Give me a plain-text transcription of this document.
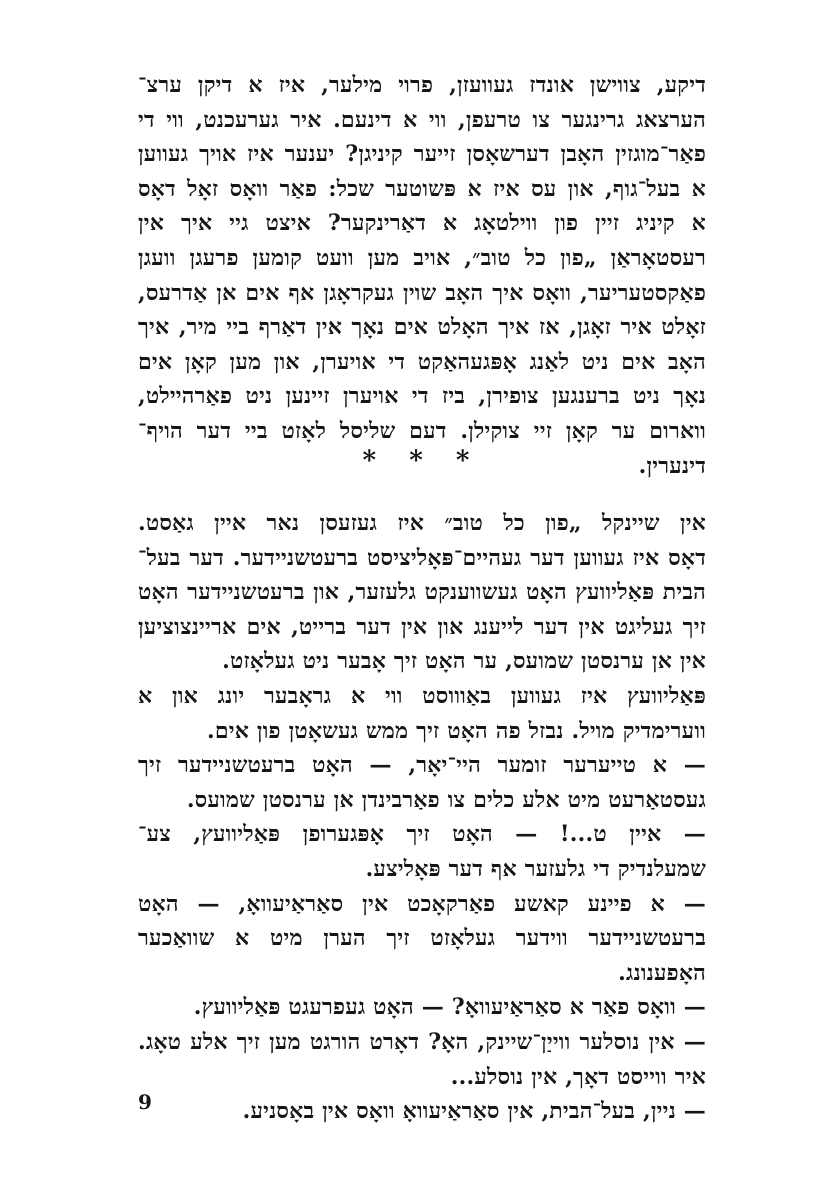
דיקע, צווישן אונדז געוועזן, פרוי מילער, איז א דיקן ערצ־
הערצאג גרינגער צו טרעפן, ווי א דינעם. איר גערעכנט, ווי די
פאַר־מוגזין האָבן דערשאָסן זייער קיניגן? יענער איז אויך געווען
א בעל־גוף, און עס איז א פּשוטער שכל: פאַר וואָס זאָל דאָס
א קיניג זיין פון ווילטאָג א דאַרינקער? איצט גיי איך אין
רעסטאָראַן „פון כל טוב״, אויב מען וועט קומען פרעגן וועגן
פאַקסטעריער, וואָס איך האָב שוין געקראָגן אף אים אן אַדרעס,
זאָלט איר זאָגן, אז איך האָלט אים נאָך אין דאַרף ביי מיר, איך
האָב אים ניט לאַנג אָפּגעהאַקט די אויערן, און מען קאָן אים
נאָך ניט ברענגען צופירן, ביז די אויערן זיינען ניט פאַרהיילט,
ווארום ער קאָן זיי צוקילן. דעם שליסל לאָזט ביי דער הויף־
דינערין.
* * *
אין שיינקל „פון כל טוב״ איז געזעסן נאר איין גאַסט.
דאָס איז געווען דער געהיים־פּאָליציסט ברעטשניידער. דער בעל־
הבית פּאַליוועץ האָט געשווענקט גלעזער, און ברעטשניידער האָט
זיך געליגט אין דער לייענג און אין דער ברייט, אים אריינצוציען
אין אן ערנסטן שמועס, ער האָט זיך אָבער ניט געלאָזט.
פּאַליוועץ איז געווען באַוווסט ווי א גראָבער יונג און א
ווערימדיק מויל. נבזל פה האָט זיך ממש געשאָטן פון אים.
— א טייערער זומער היי־יאָר, — האָט ברעטשניידער זיך
געסטאַרעט מיט אלע כלים צו פאַרבינדן אן ערנסטן שמועס.
— איין ט...! — האָט זיך אָפּגערופן פּאַליוועץ, צע־
שמעלנדיק די גלעזער אף דער פּאָליצע.
— א פיינע קאשע פאַרקאָכט אין סאַראַיעוואָ, — האָט
ברעטשניידער ווידער געלאָזט זיך הערן מיט א שוואַכער
האָפענונג.
— וואָס פאַר א סאַראַיעוואָ? — האָט געפרעגט פּאַליוועץ.
— אין נוסלער ווייַן־שיינק, האָ? דאָרט הורגט מען זיך אלע טאָג.
איר ווייסט דאָך, אין נוסלע...
— ניין, בעל־הבית, אין סאַראַיעוואָ וואָס אין באָסניע.
9
